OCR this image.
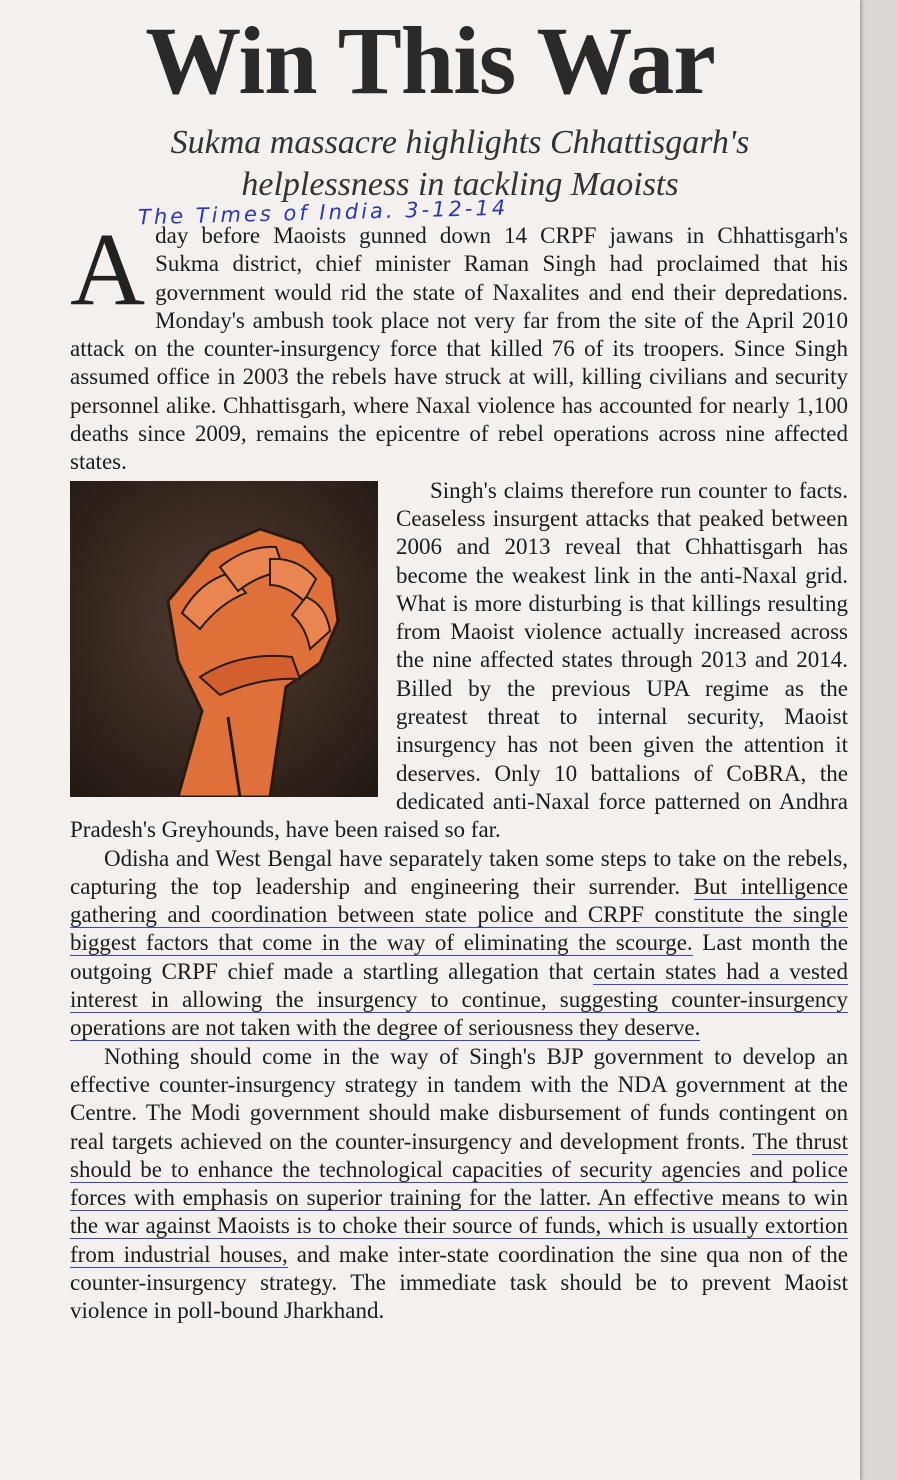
Win This War
Sukma massacre highlights Chhattisgarh's
helplessness in tackling Maoists
The Times of India. 3-12-14

A day before Maoists gunned down 14 CRPF jawans in Chhattisgarh's Sukma district, chief minister Raman Singh had proclaimed that his government would rid the state of Naxalites and end their depredations. Monday's ambush took place not very far from the site of the April 2010 attack on the counter-insurgency force that killed 76 of its troopers. Since Singh assumed office in 2003 the rebels have struck at will, killing civilians and security personnel alike. Chhattisgarh, where Naxal violence has accounted for nearly 1,100 deaths since 2009, remains the epicentre of rebel operations across nine affected states.

Singh's claims therefore run counter to facts. Ceaseless insurgent attacks that peaked between 2006 and 2013 reveal that Chhattisgarh has become the weakest link in the anti-Naxal grid. What is more disturbing is that killings resulting from Maoist violence actually increased across the nine affected states through 2013 and 2014. Billed by the previous UPA regime as the greatest threat to internal security, Maoist insurgency has not been given the attention it deserves. Only 10 battalions of CoBRA, the dedicated anti-Naxal force patterned on Andhra Pradesh's Greyhounds, have been raised so far.

Odisha and West Bengal have separately taken some steps to take on the rebels, capturing the top leadership and engineering their surrender. But intelligence gathering and coordination between state police and CRPF constitute the single biggest factors that come in the way of eliminating the scourge. Last month the outgoing CRPF chief made a startling allegation that certain states had a vested interest in allowing the insurgency to continue, suggesting counter-insurgency operations are not taken with the degree of seriousness they deserve.

Nothing should come in the way of Singh's BJP government to develop an effective counter-insurgency strategy in tandem with the NDA government at the Centre. The Modi government should make disbursement of funds contingent on real targets achieved on the counter-insurgency and development fronts. The thrust should be to enhance the technological capacities of security agencies and police forces with emphasis on superior training for the latter. An effective means to win the war against Maoists is to choke their source of funds, which is usually extortion from industrial houses, and make inter-state coordination the sine qua non of the counter-insurgency strategy. The immediate task should be to prevent Maoist violence in poll-bound Jharkhand.
